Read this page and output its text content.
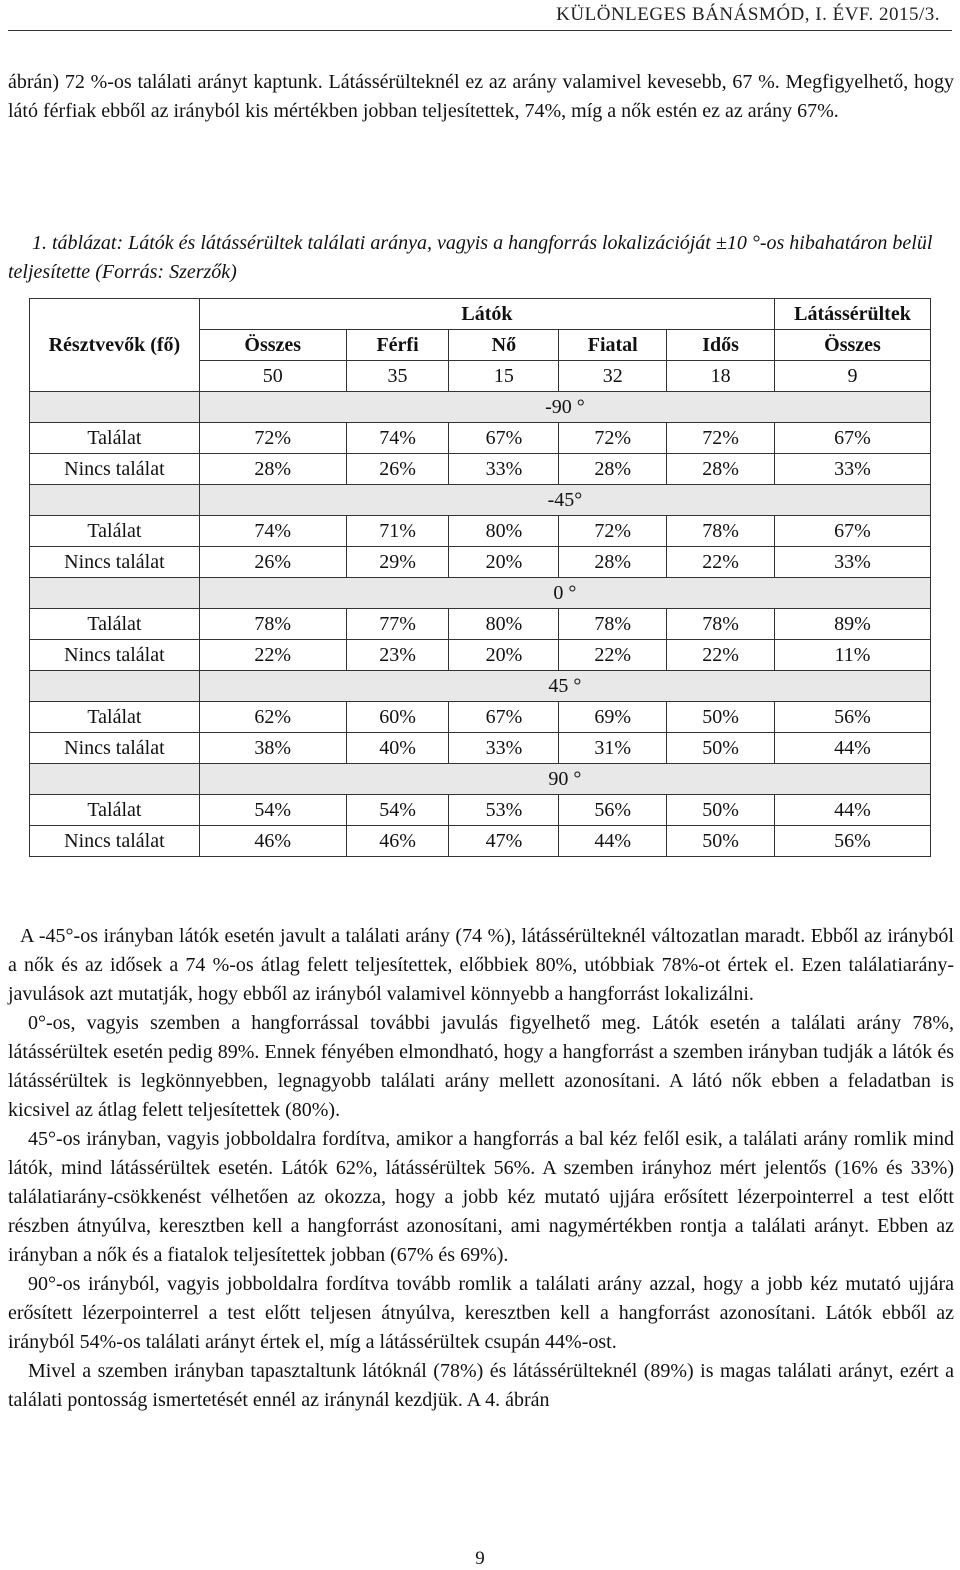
KÜLÖNLEGES BÁNÁSMÓD, I. ÉVF. 2015/3.

ábrán) 72 %-os találati arányt kaptunk. Látássérülteknél ez az arány valamivel kevesebb, 67 %. Megfigyelhető, hogy látó férfiak ebből az irányból kis mértékben jobban teljesítettek, 74%, míg a nők estén ez az arány 67%.

1. táblázat: Látók és látássérültek találati aránya, vagyis a hangforrás lokalizációját ±10 °-os hibahatáron belül teljesítette (Forrás: Szerzők)

Résztvevők (fő)	Látók					Látássérültek
	Összes	Férfi	Nő	Fiatal	Idős	Összes
	50	35	15	32	18	9
	-90 °					
Találat	72%	74%	67%	72%	72%	67%
Nincs találat	28%	26%	33%	28%	28%	33%
	-45°					
Találat	74%	71%	80%	72%	78%	67%
Nincs találat	26%	29%	20%	28%	22%	33%
	0 °					
Találat	78%	77%	80%	78%	78%	89%
Nincs találat	22%	23%	20%	22%	22%	11%
	45 °					
Találat	62%	60%	67%	69%	50%	56%
Nincs találat	38%	40%	33%	31%	50%	44%
	90 °					
Találat	54%	54%	53%	56%	50%	44%
Nincs találat	46%	46%	47%	44%	50%	56%

A -45°-os irányban látók esetén javult a találati arány (74 %), látássérülteknél változatlan maradt. Ebből az irányból a nők és az idősek a 74 %-os átlag felett teljesítettek, előbbiek 80%, utóbbiak 78%-ot értek el. Ezen találatiarány-javulások azt mutatják, hogy ebből az irányból valamivel könnyebb a hangforrást lokalizálni.

0°-os, vagyis szemben a hangforrással további javulás figyelhető meg. Látók esetén a találati arány 78%, látássérültek esetén pedig 89%. Ennek fényében elmondható, hogy a hangforrást a szemben irányban tudják a látók és látássérültek is legkönnyebben, legnagyobb találati arány mellett azonosítani. A látó nők ebben a feladatban is kicsivel az átlag felett teljesítettek (80%).

45°-os irányban, vagyis jobboldalra fordítva, amikor a hangforrás a bal kéz felől esik, a találati arány romlik mind látók, mind látássérültek esetén. Látók 62%, látássérültek 56%. A szemben irányhoz mért jelentős (16% és 33%) találatiarány-csökkenést vélhetően az okozza, hogy a jobb kéz mutató ujjára erősített lézerpointerrel a test előtt részben átnyúlva, keresztben kell a hangforrást azonosítani, ami nagymértékben rontja a találati arányt. Ebben az irányban a nők és a fiatalok teljesítettek jobban (67% és 69%).

90°-os irányból, vagyis jobboldalra fordítva tovább romlik a találati arány azzal, hogy a jobb kéz mutató ujjára erősített lézerpointerrel a test előtt teljesen átnyúlva, keresztben kell a hangforrást azonosítani. Látók ebből az irányból 54%-os találati arányt értek el, míg a látássérültek csupán 44%-ost.

Mivel a szemben irányban tapasztaltunk látóknál (78%) és látássérülteknél (89%) is magas találati arányt, ezért a találati pontosság ismertetését ennél az iránynál kezdjük. A 4. ábrán

9
